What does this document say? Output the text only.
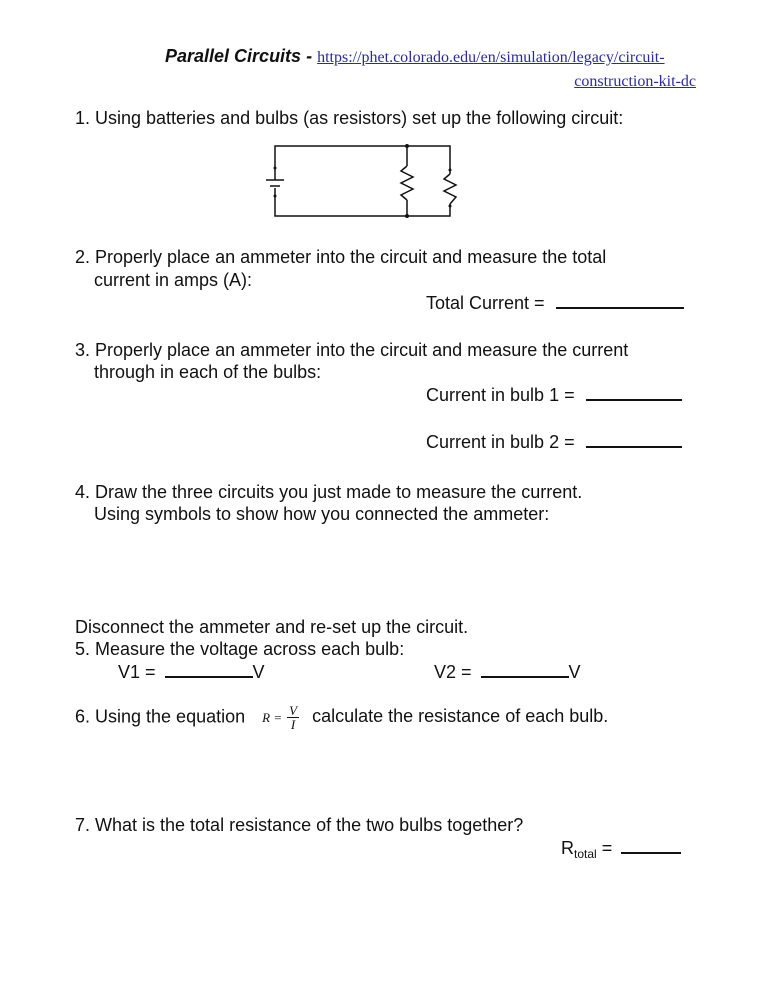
Parallel Circuits - https://phet.colorado.edu/en/simulation/legacy/circuit-
construction-kit-dc
1. Using batteries and bulbs (as resistors) set up the following circuit:
2. Properly place an ammeter into the circuit and measure the total
current in amps (A):
Total Current =
3. Properly place an ammeter into the circuit and measure the current
through in each of the bulbs:
Current in bulb 1 =
Current in bulb 2 =
4. Draw the three circuits you just made to measure the current.
Using symbols to show how you connected the ammeter:
Disconnect the ammeter and re-set up the circuit.
5. Measure the voltage across each bulb:
V1 =	V	V2 =	V
6. Using the equation $R = \frac{V}{I}$ calculate the resistance of each bulb.
7. What is the total resistance of the two bulbs together?
$R_{total}$ =
